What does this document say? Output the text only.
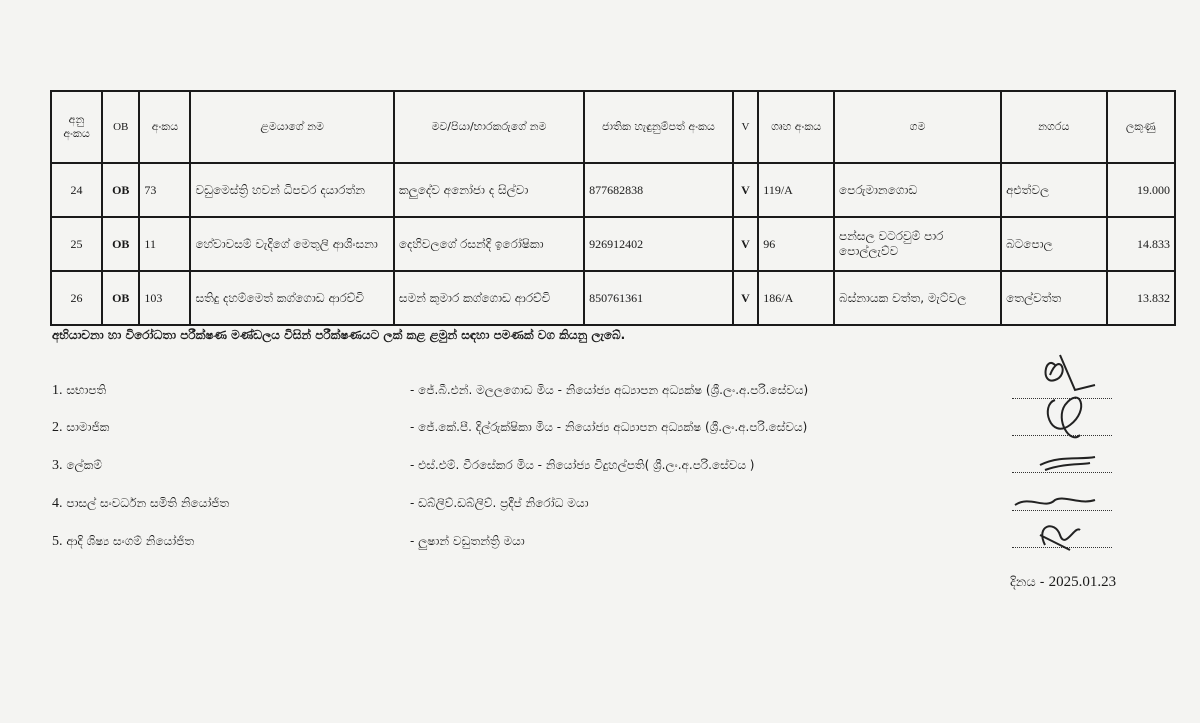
අනු අංකය	OB	අංකය	ළමයාගේ නම	මව/පියා/භාරකරුගේ නම	ජාතික හැඳුනුම්පත් අංකය	V	ගෘහ අංකය	ගම	නගරය	ලකුණු
24	OB	73	වඩුමෙස්ත්‍රි හවන් ධිපවර දයාරත්න	කලුදේව අනෝජා ද සිල්වා	877682838	V	119/A	පෙරුමානගොඩ	අළුත්වල	19.000
25	OB	11	හේවාවසම් වැදිගේ මෙතුලි ආශිංසනා	දෙහිවලගේ රසන්දි ඉරෝෂිකා	926912402	V	96	පන්සල වටරවුම් පාර පොල්ලැව්ව	බටපොල	14.833
26	OB	103	සතිදු දහම්මෙත් කග්ගොඩ ආරච්චි	සමන් කුමාර කග්ගොඩ ආරච්චි	850761361	V	186/A	බස්නායක වත්ත, මැට්වල	තෙල්වත්ත	13.832
අභියාචනා හා විරෝධතා පරීක්ෂණ මණ්ඩලය විසින් පරීක්ෂණයට ලක් කළ ළමුන් සඳහා පමණක් වග කියනු ලැබේ.
1. සභාපති	- ජේ.බී.එන්. මලලගොඩ මිය - නියෝජ්‍ය අධ්‍යාපන අධ්‍යක්ෂ (ශ්‍රී.ලං.අ.පරි.සේවය)
2. සාමාජික	- ජේ.කේ.පී. දිල්රුක්ෂිකා මිය - නියෝජ්‍ය අධ්‍යාපන අධ්‍යක්ෂ (ශ්‍රී.ලං.අ.පරි.සේවය)
3. ලේකම්	- එස්.එම්. වීරසේකර මිය - නියෝජ්‍ය විදුහල්පති( ශ්‍රී.ලං.අ.පරි.සේවය )
4. පාසල් සංවර්ධන සමිති නියෝජිත	- ඩබ්ලිව්.ඩබ්ලිව්. ප්‍රදීප් නිරෝධ මයා
5. ආදි ශිෂ්‍ය සංගම් නියෝජිත	- ලුෂාන් වඩුතන්ත්‍රි මයා
දිනය - 2025.01.23
